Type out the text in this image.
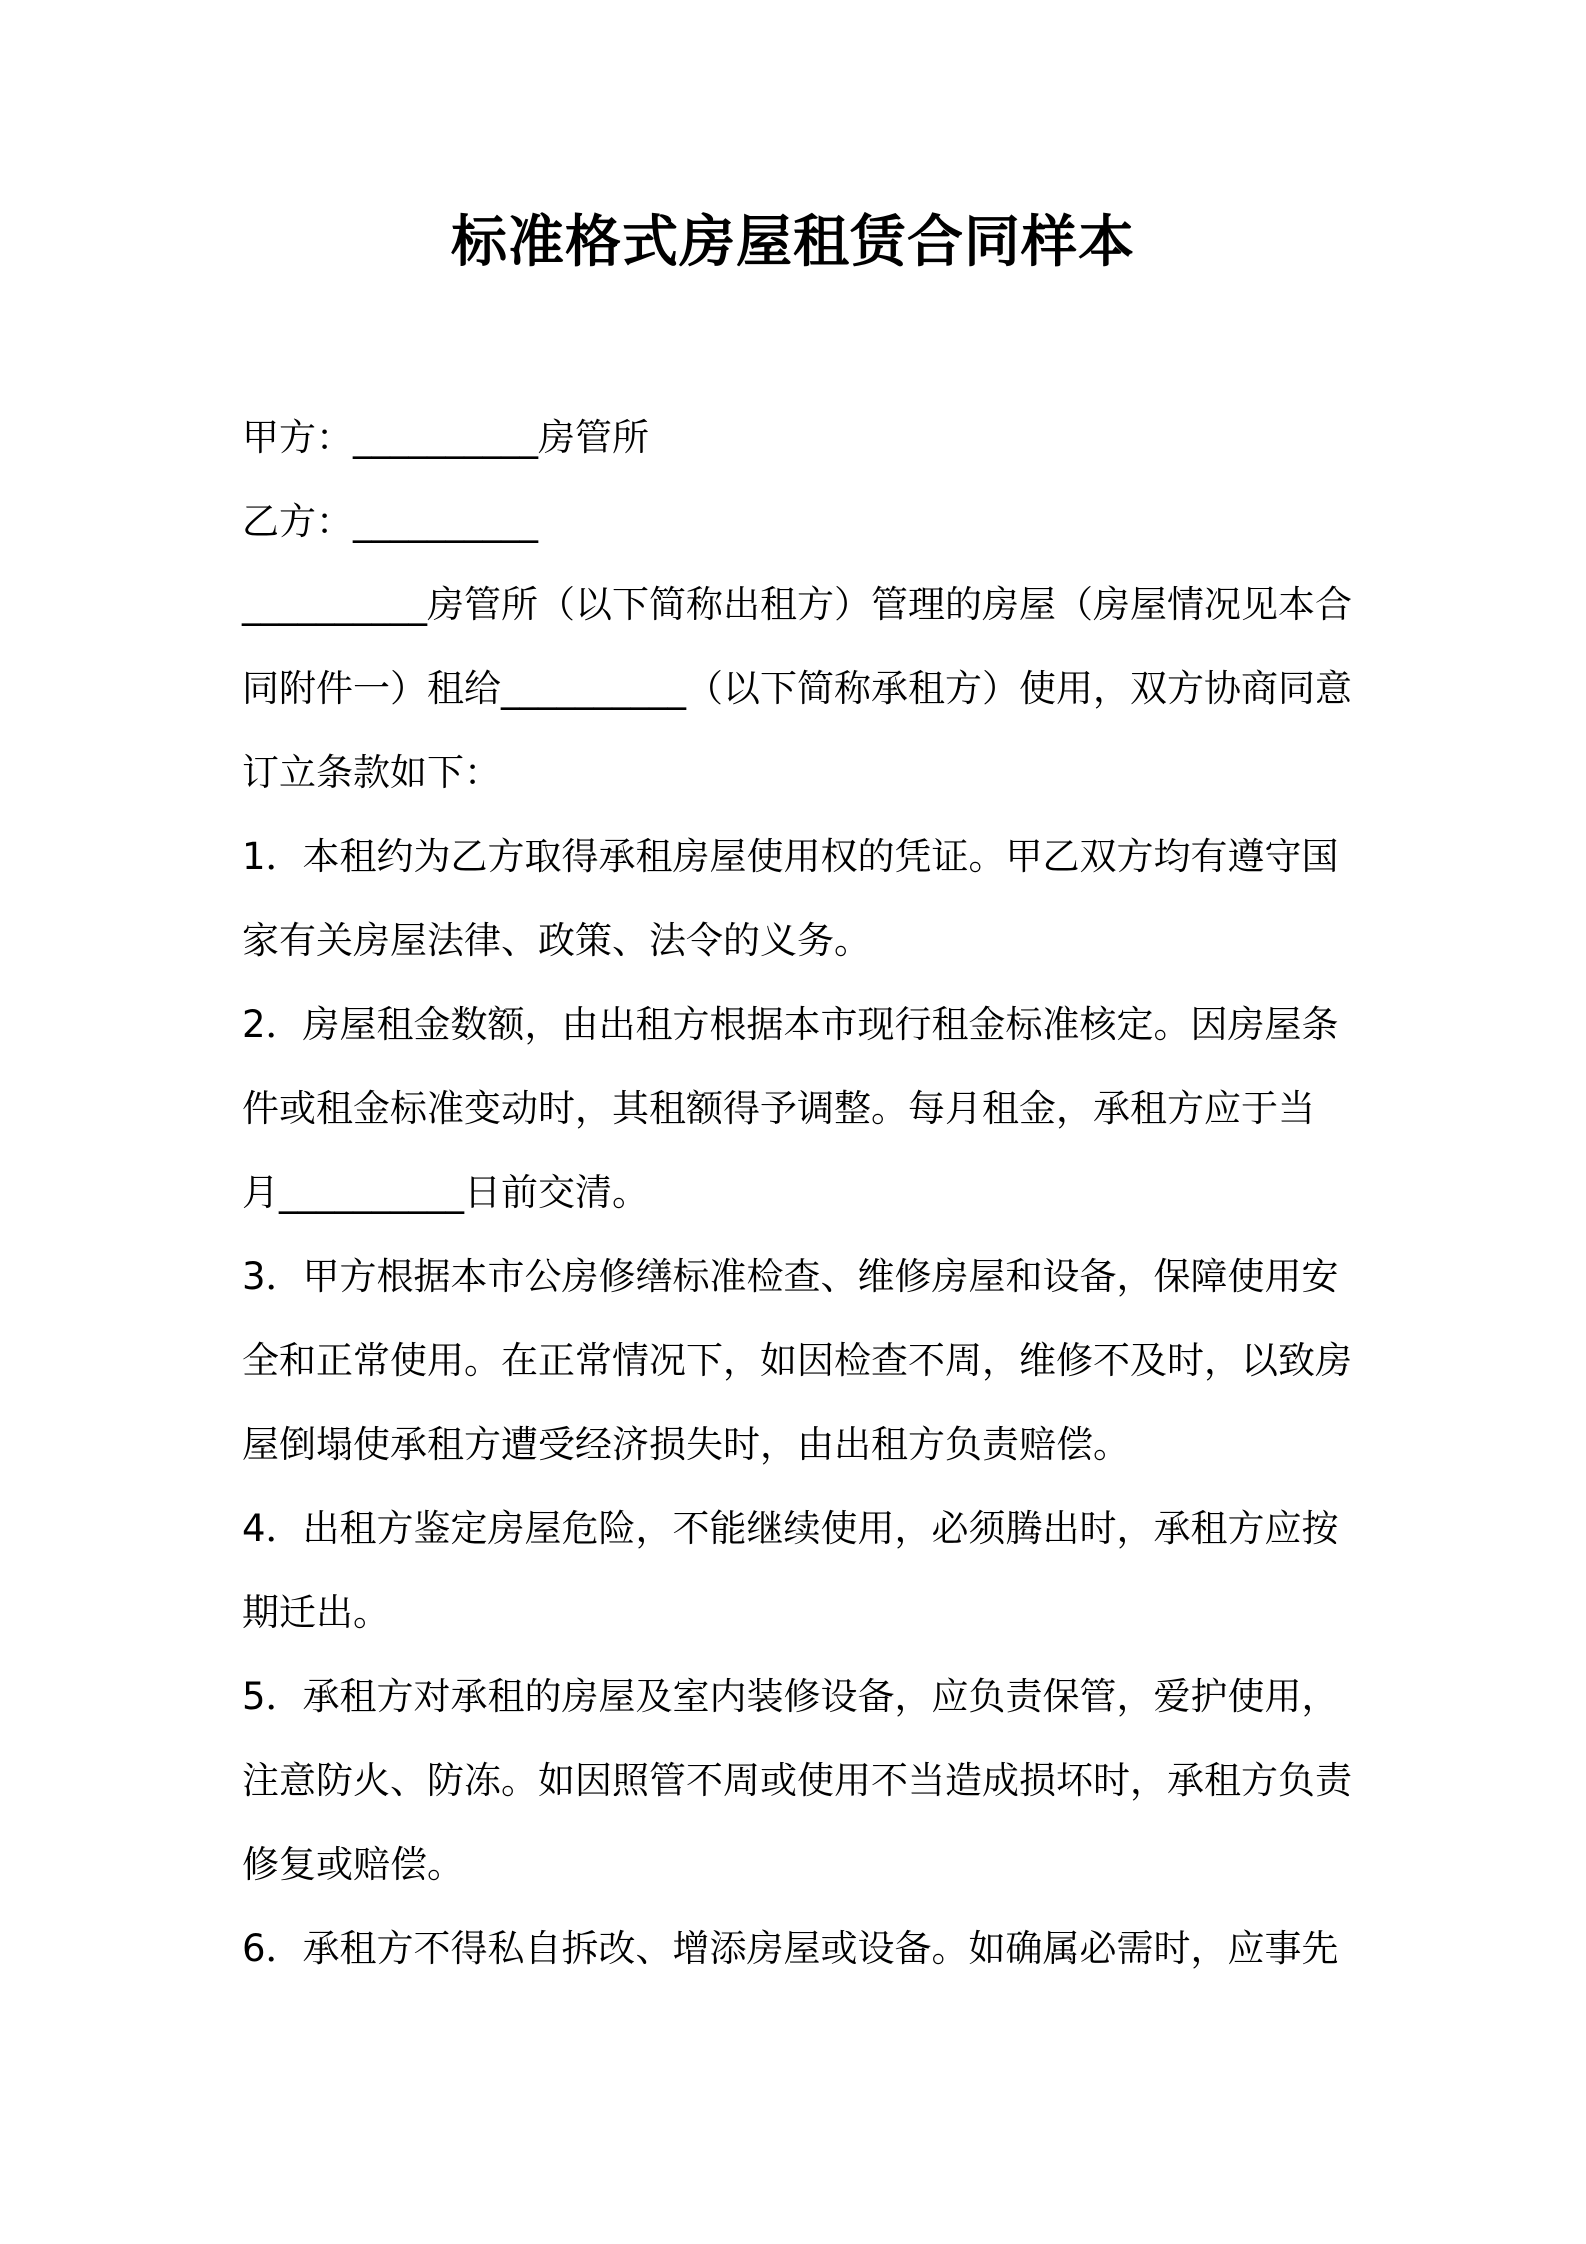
标准格式房屋租赁合同样本
甲方：__________房管所
乙方：__________
__________房管所（以下简称出租方）管理的房屋（房屋情况见本合
同附件一）租给__________（以下简称承租方）使用，双方协商同意
订立条款如下：
1．本租约为乙方取得承租房屋使用权的凭证。甲乙双方均有遵守国
家有关房屋法律、政策、法令的义务。
2．房屋租金数额，由出租方根据本市现行租金标准核定。因房屋条
件或租金标准变动时，其租额得予调整。每月租金，承租方应于当
月__________日前交清。
3．甲方根据本市公房修缮标准检查、维修房屋和设备，保障使用安
全和正常使用。在正常情况下，如因检查不周，维修不及时，以致房
屋倒塌使承租方遭受经济损失时，由出租方负责赔偿。
4．出租方鉴定房屋危险，不能继续使用，必须腾出时，承租方应按
期迁出。
5．承租方对承租的房屋及室内装修设备，应负责保管，爱护使用，
注意防火、防冻。如因照管不周或使用不当造成损坏时，承租方负责
修复或赔偿。
6．承租方不得私自拆改、增添房屋或设备。如确属必需时，应事先
